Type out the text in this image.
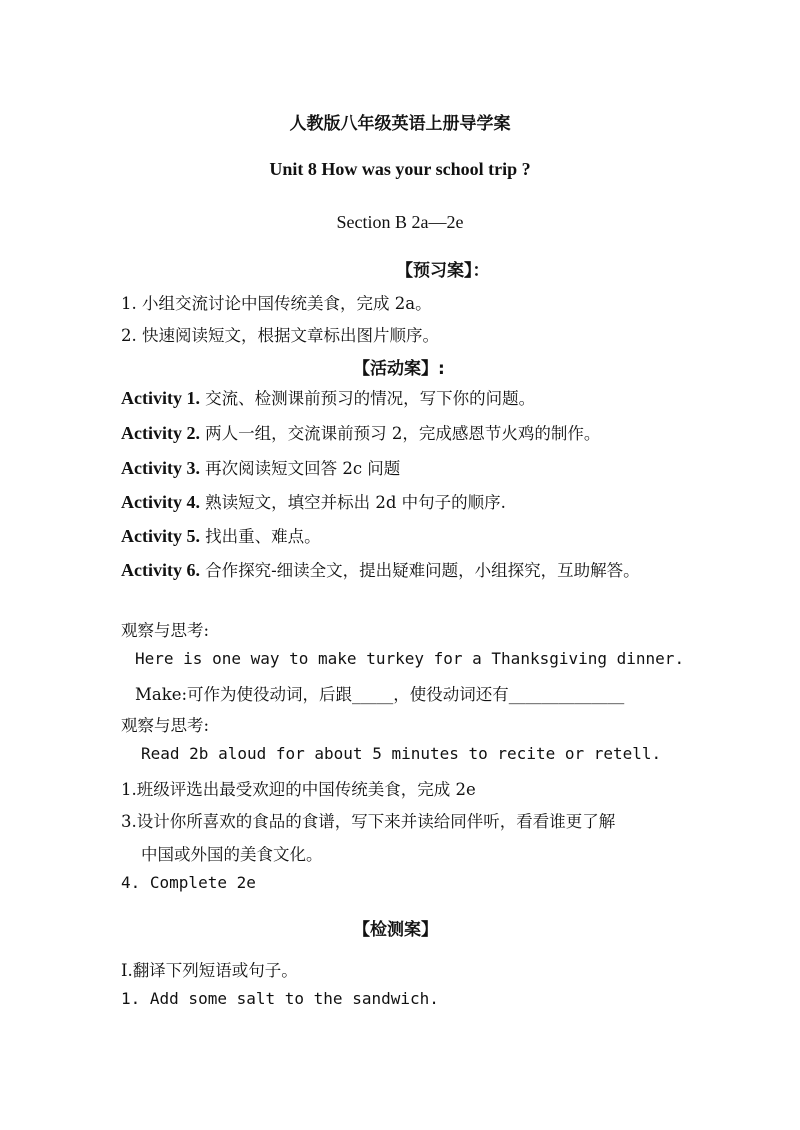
人教版八年级英语上册导学案
Unit 8 How was your school trip ?
Section B 2a—2e
【预习案】：
1. 小组交流讨论中国传统美食，完成 2a。
2. 快速阅读短文，根据文章标出图片顺序。
【活动案】:
Activity 1. 交流、检测课前预习的情况，写下你的问题。
Activity 2. 两人一组，交流课前预习 2，完成感恩节火鸡的制作。
Activity 3. 再次阅读短文回答 2c 问题
Activity 4. 熟读短文，填空并标出 2d 中句子的顺序.
Activity 5. 找出重、难点。
Activity 6. 合作探究-细读全文，提出疑难问题，小组探究，互助解答。
观察与思考:
Here is one way to make turkey for a Thanksgiving dinner.
Make:可作为使役动词，后跟_____，使役动词还有______________
观察与思考:
Read 2b aloud for about 5 minutes to recite or retell.
1.班级评选出最受欢迎的中国传统美食，完成 2e
3.设计你所喜欢的食品的食谱，写下来并读给同伴听，看看谁更了解
中国或外国的美食文化。
4. Complete 2e
【检测案】
I.翻译下列短语或句子。
1. Add some salt to the sandwich.
